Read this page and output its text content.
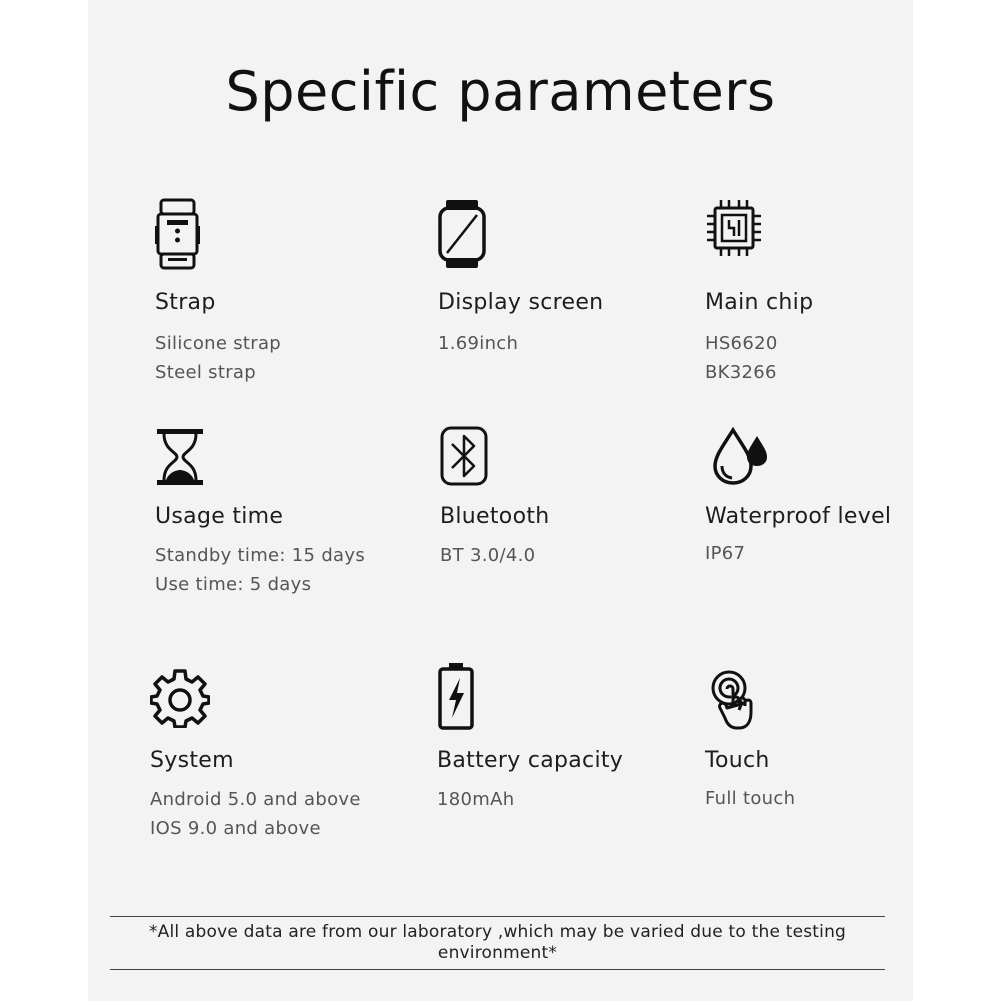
Specific parameters
Strap
Silicone strap
Steel strap
Display screen
1.69inch
Main chip
HS6620
BK3266
Usage time
Standby time: 15 days
Use time: 5 days
Bluetooth
BT 3.0/4.0
Waterproof level
IP67
System
Android 5.0 and above
IOS 9.0 and above
Battery capacity
180mAh
Touch
Full touch
*All above data are from our laboratory ,which may be varied due to the testing environment*
